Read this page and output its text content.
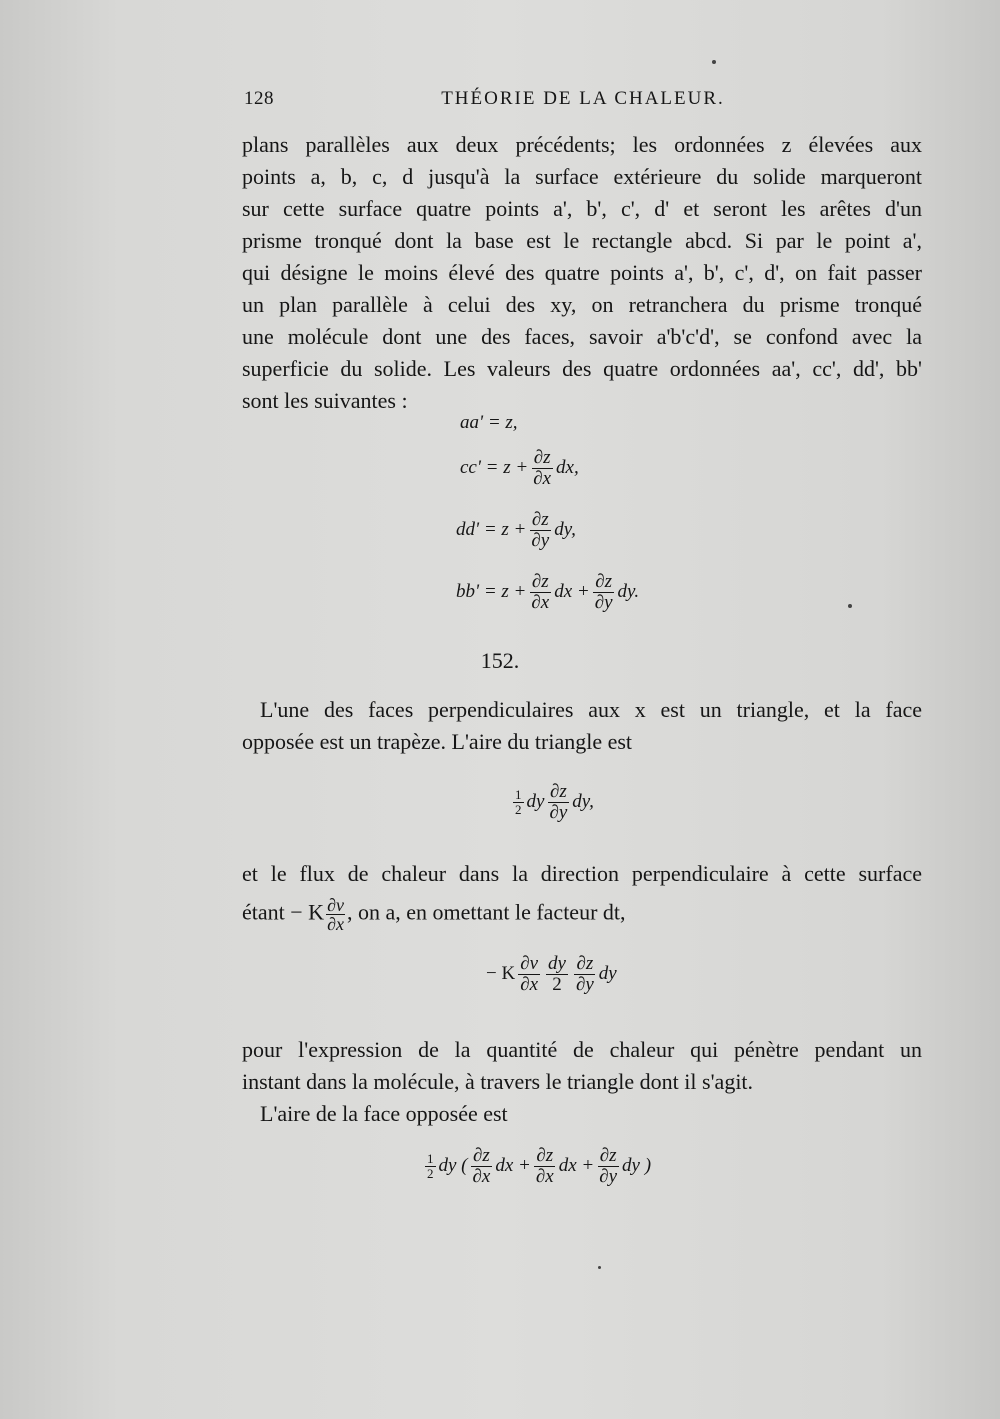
128	THÉORIE DE LA CHALEUR.
plans parallèles aux deux précédents; les ordonnées z élevées aux
points a, b, c, d jusqu'à la surface extérieure du solide marqueront
sur cette surface quatre points a', b', c', d' et seront les arêtes d'un
prisme tronqué dont la base est le rectangle abcd. Si par le point a',
qui désigne le moins élevé des quatre points a', b', c', d', on fait passer
un plan parallèle à celui des xy, on retranchera du prisme tronqué
une molécule dont une des faces, savoir a'b'c'd', se confond avec la
superficie du solide. Les valeurs des quatre ordonnées aa', cc', dd', bb'
sont les suivantes :
aa' = z,
$cc' = z + \frac{\partial z}{\partial x}$ dx,
$dd' = z + \frac{\partial z}{\partial y}$ dy,
$bb' = z + \frac{\partial z}{\partial x}$ dx + $\frac{\partial z}{\partial y}$ dy.
152.
L'une des faces perpendiculaires aux x est un triangle, et la face
opposée est un trapèze. L'aire du triangle est
$\frac{1}{2}$ dy $\frac{\partial z}{\partial y}$ dy,
et le flux de chaleur dans la direction perpendiculaire à cette surface
étant − K $\frac{\partial v}{\partial x}$ , on a, en omettant le facteur dt,
− K $\frac{\partial v}{\partial x} \frac{dy}{2} \frac{\partial z}{\partial y}$ dy
pour l'expression de la quantité de chaleur qui pénètre pendant un
instant dans la molécule, à travers le triangle dont il s'agit.
L'aire de la face opposée est
$\frac{1}{2}$ dy ( $\frac{\partial z}{\partial x}$ dx + $\frac{\partial z}{\partial x}$ dx + $\frac{\partial z}{\partial y}$ dy )
